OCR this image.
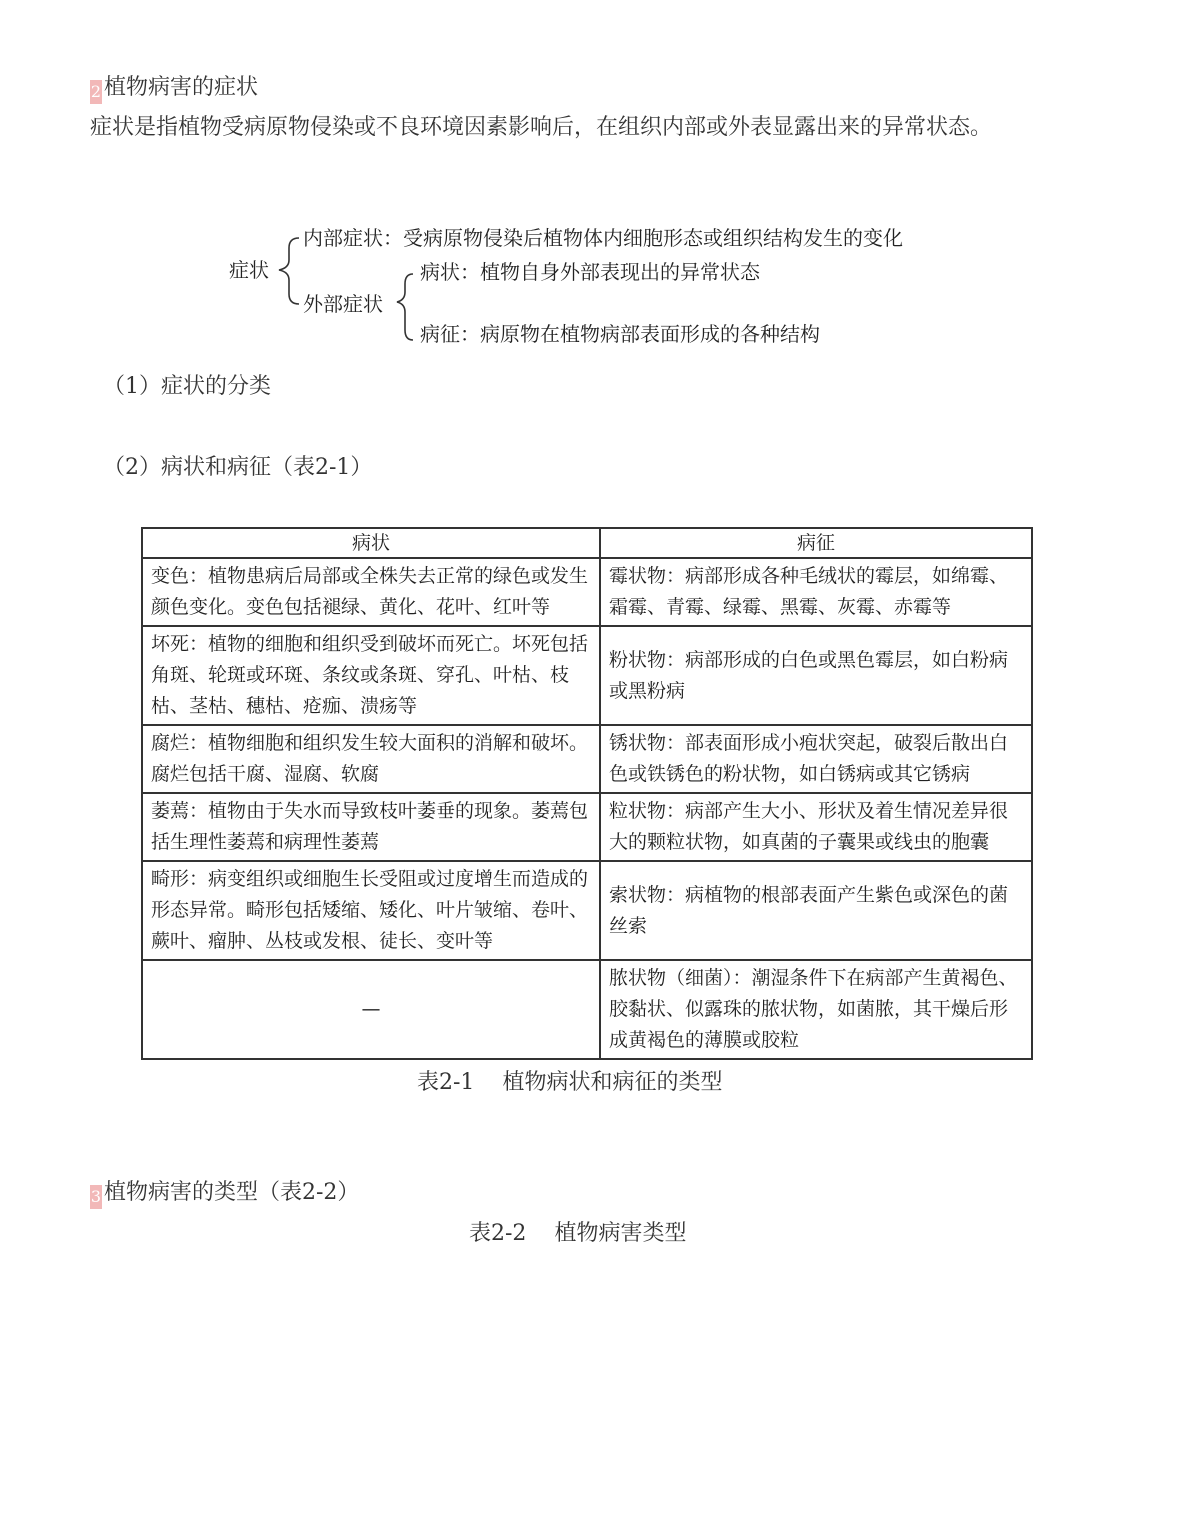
2 植物病害的症状
症状是指植物受病原物侵染或不良环境因素影响后，在组织内部或外表显露出来的异常状态。
症状
内部症状：受病原物侵染后植物体内细胞形态或组织结构发生的变化
病状：植物自身外部表现出的异常状态
外部症状
病征：病原物在植物病部表面形成的各种结构
（1）症状的分类
（2）病状和病征（表2-1）
病状	病征
变色：植物患病后局部或全株失去正常的绿色或发生颜色变化。变色包括褪绿、黄化、花叶、红叶等	霉状物：病部形成各种毛绒状的霉层，如绵霉、霜霉、青霉、绿霉、黑霉、灰霉、赤霉等
坏死：植物的细胞和组织受到破坏而死亡。坏死包括角斑、轮斑或环斑、条纹或条斑、穿孔、叶枯、枝枯、茎枯、穗枯、疮痂、溃疡等	粉状物：病部形成的白色或黑色霉层，如白粉病或黑粉病
腐烂：植物细胞和组织发生较大面积的消解和破坏。腐烂包括干腐、湿腐、软腐	锈状物：部表面形成小疱状突起，破裂后散出白色或铁锈色的粉状物，如白锈病或其它锈病
萎蔫：植物由于失水而导致枝叶萎垂的现象。萎蔫包括生理性萎蔫和病理性萎蔫	粒状物：病部产生大小、形状及着生情况差异很大的颗粒状物，如真菌的子囊果或线虫的胞囊
畸形：病变组织或细胞生长受阻或过度增生而造成的形态异常。畸形包括矮缩、矮化、叶片皱缩、卷叶、蕨叶、瘤肿、丛枝或发根、徒长、变叶等	索状物：病植物的根部表面产生紫色或深色的菌丝索
—	脓状物（细菌）：潮湿条件下在病部产生黄褐色、胶黏状、似露珠的脓状物，如菌脓，其干燥后形成黄褐色的薄膜或胶粒
表2-1 植物病状和病征的类型
3 植物病害的类型（表2-2）
表2-2 植物病害类型
